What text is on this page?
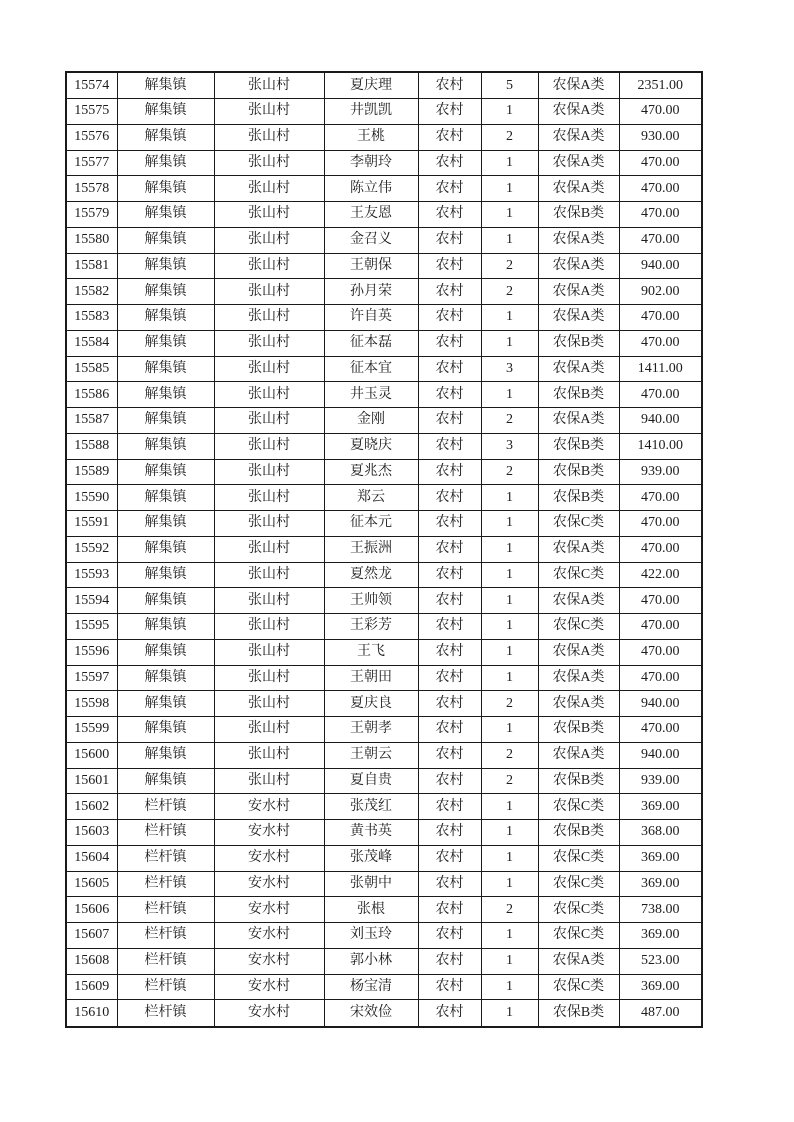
15574	解集镇	张山村	夏庆理	农村	5	农保A类	2351.00
15575	解集镇	张山村	井凯凯	农村	1	农保A类	470.00
15576	解集镇	张山村	王桃	农村	2	农保A类	930.00
15577	解集镇	张山村	李朝玲	农村	1	农保A类	470.00
15578	解集镇	张山村	陈立伟	农村	1	农保A类	470.00
15579	解集镇	张山村	王友恩	农村	1	农保B类	470.00
15580	解集镇	张山村	金召义	农村	1	农保A类	470.00
15581	解集镇	张山村	王朝保	农村	2	农保A类	940.00
15582	解集镇	张山村	孙月荣	农村	2	农保A类	902.00
15583	解集镇	张山村	许自英	农村	1	农保A类	470.00
15584	解集镇	张山村	征本磊	农村	1	农保B类	470.00
15585	解集镇	张山村	征本宜	农村	3	农保A类	1411.00
15586	解集镇	张山村	井玉灵	农村	1	农保B类	470.00
15587	解集镇	张山村	金刚	农村	2	农保A类	940.00
15588	解集镇	张山村	夏晓庆	农村	3	农保B类	1410.00
15589	解集镇	张山村	夏兆杰	农村	2	农保B类	939.00
15590	解集镇	张山村	郑云	农村	1	农保B类	470.00
15591	解集镇	张山村	征本元	农村	1	农保C类	470.00
15592	解集镇	张山村	王振洲	农村	1	农保A类	470.00
15593	解集镇	张山村	夏然龙	农村	1	农保C类	422.00
15594	解集镇	张山村	王帅领	农村	1	农保A类	470.00
15595	解集镇	张山村	王彩芳	农村	1	农保C类	470.00
15596	解集镇	张山村	王飞	农村	1	农保A类	470.00
15597	解集镇	张山村	王朝田	农村	1	农保A类	470.00
15598	解集镇	张山村	夏庆良	农村	2	农保A类	940.00
15599	解集镇	张山村	王朝孝	农村	1	农保B类	470.00
15600	解集镇	张山村	王朝云	农村	2	农保A类	940.00
15601	解集镇	张山村	夏自贵	农村	2	农保B类	939.00
15602	栏杆镇	安水村	张茂红	农村	1	农保C类	369.00
15603	栏杆镇	安水村	黄书英	农村	1	农保B类	368.00
15604	栏杆镇	安水村	张茂峰	农村	1	农保C类	369.00
15605	栏杆镇	安水村	张朝中	农村	1	农保C类	369.00
15606	栏杆镇	安水村	张根	农村	2	农保C类	738.00
15607	栏杆镇	安水村	刘玉玲	农村	1	农保C类	369.00
15608	栏杆镇	安水村	郭小林	农村	1	农保A类	523.00
15609	栏杆镇	安水村	杨宝清	农村	1	农保C类	369.00
15610	栏杆镇	安水村	宋效俭	农村	1	农保B类	487.00
